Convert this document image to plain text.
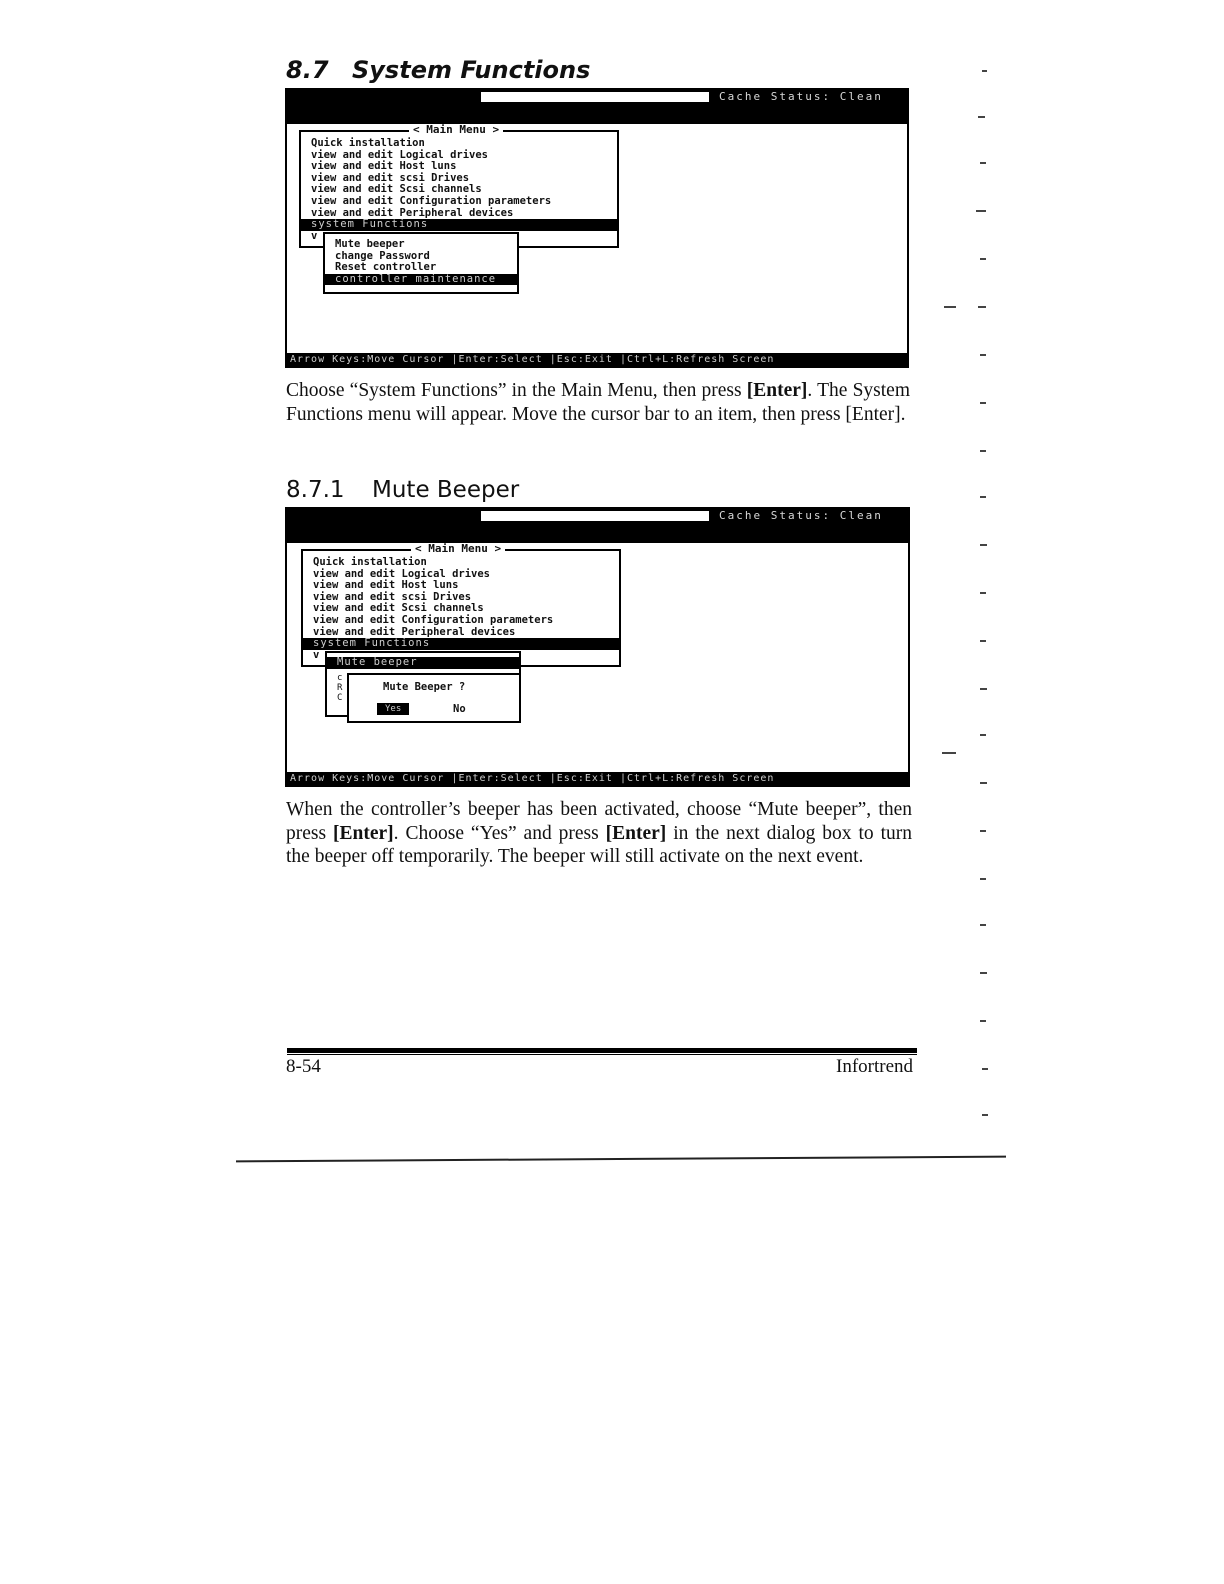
8.7 System Functions
Cache Status: Clean
< Main Menu >
Quick installation
view and edit Logical drives
view and edit Host luns
view and edit scsi Drives
view and edit Scsi channels
view and edit Configuration parameters
view and edit Peripheral devices
system Functions
v
Mute beeper
change Password
Reset controller
controller maintenance
Arrow Keys:Move Cursor |Enter:Select |Esc:Exit |Ctrl+L:Refresh Screen

Choose “System Functions” in the Main Menu, then press [Enter]. The System Functions menu will appear. Move the cursor bar to an item, then press [Enter].

8.7.1 Mute Beeper
Cache Status: Clean
< Main Menu >
Quick installation
view and edit Logical drives
view and edit Host luns
view and edit scsi Drives
view and edit Scsi channels
view and edit Configuration parameters
view and edit Peripheral devices
system Functions
v
Mute beeper
c
R
C
Mute Beeper ?
Yes	No
Arrow Keys:Move Cursor |Enter:Select |Esc:Exit |Ctrl+L:Refresh Screen

When the controller’s beeper has been activated, choose “Mute beeper”, then press [Enter]. Choose “Yes” and press [Enter] in the next dialog box to turn the beeper off temporarily. The beeper will still activate on the next event.

8-54	Infortrend
